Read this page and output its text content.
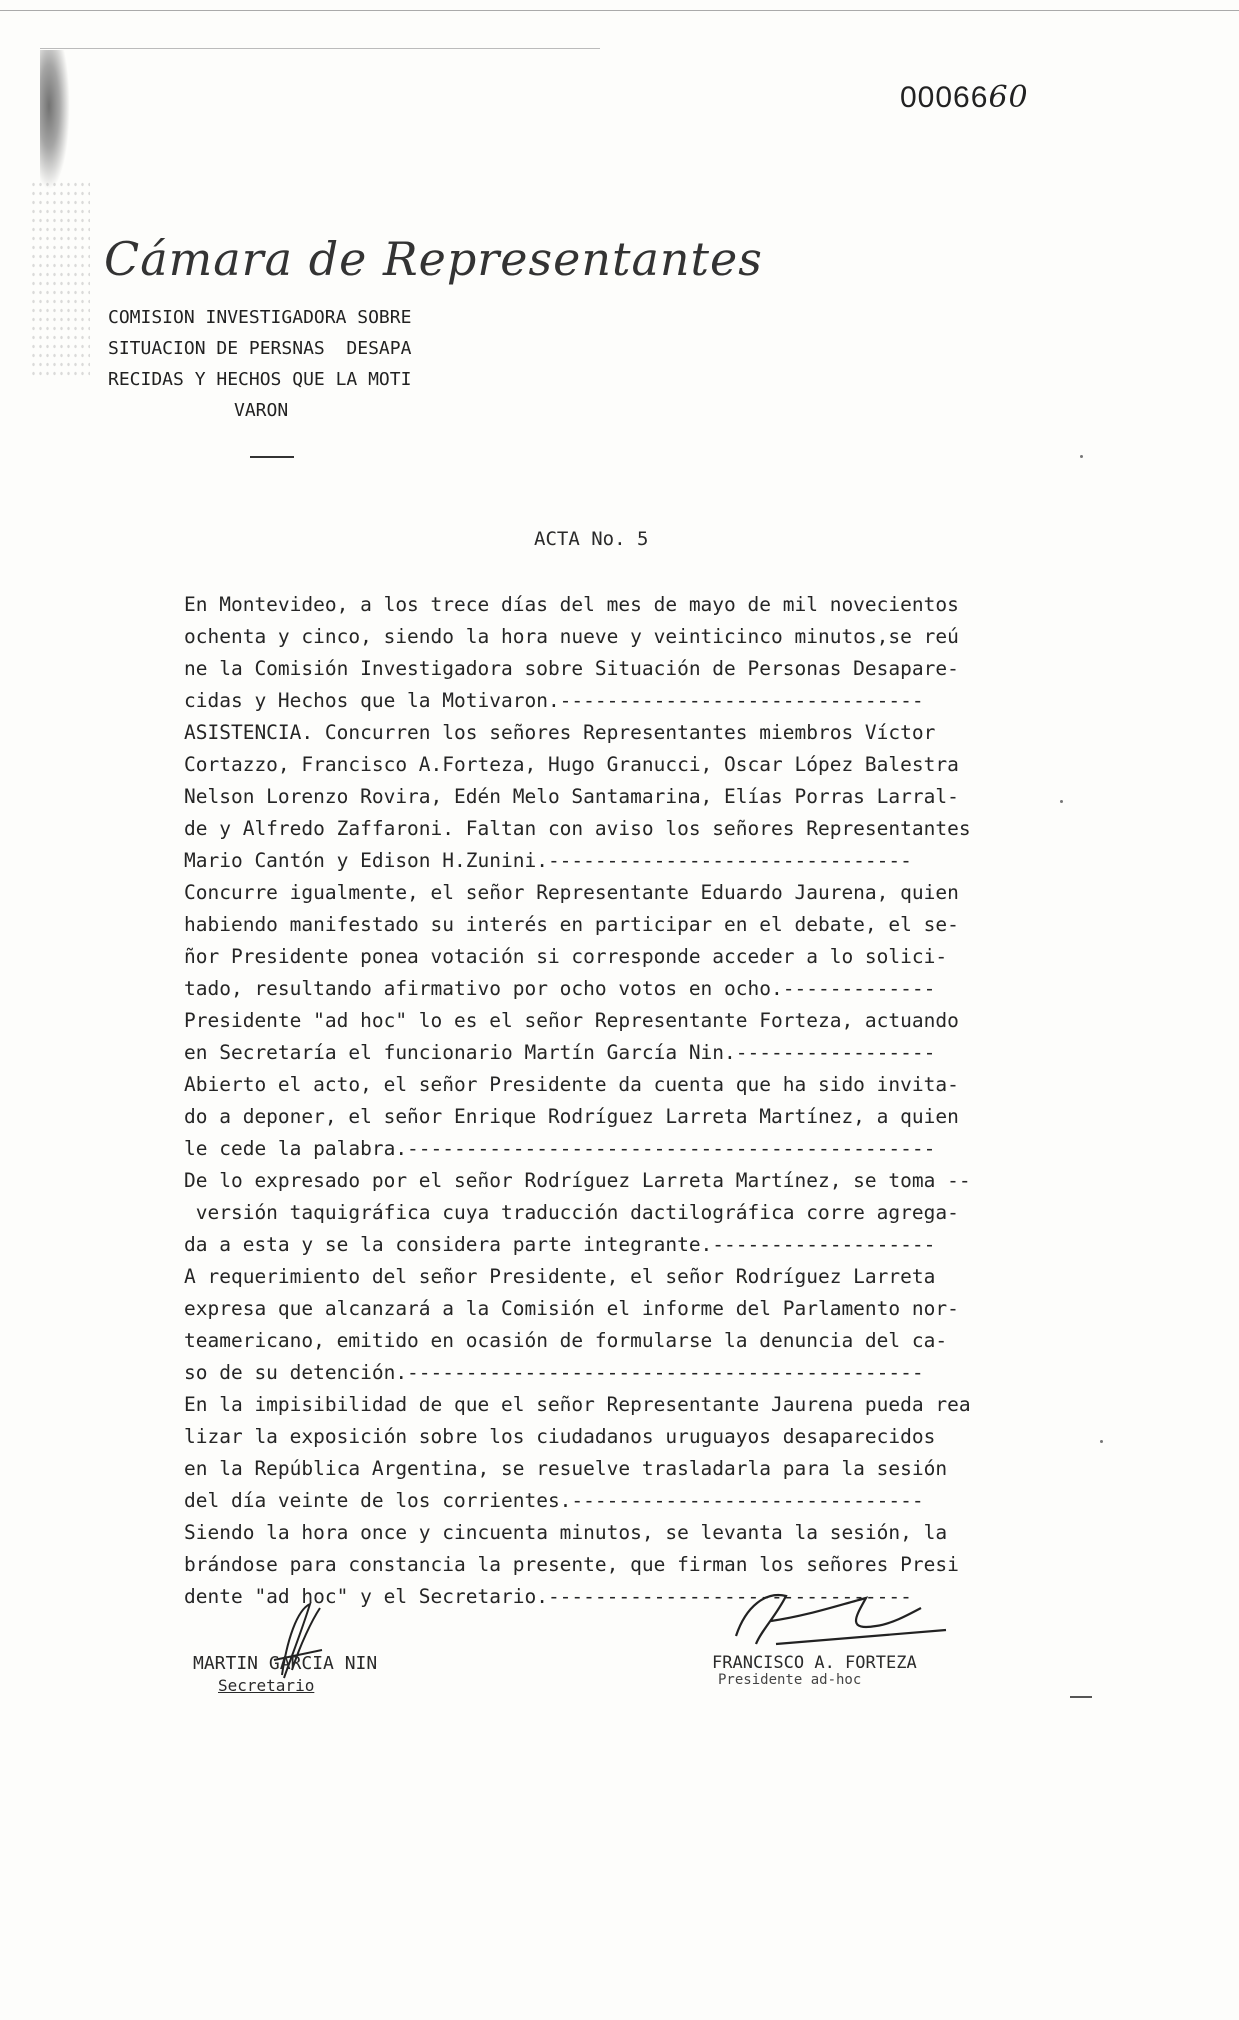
0006660
Cámara de Representantes
COMISION INVESTIGADORA SOBRE
SITUACION DE PERSNAS  DESAPA
RECIDAS Y HECHOS QUE LA MOTI
VARON
ACTA No. 5
En Montevideo, a los trece días del mes de mayo de mil novecientos
ochenta y cinco, siendo la hora nueve y veinticinco minutos,se reú
ne la Comisión Investigadora sobre Situación de Personas Desapare-
cidas y Hechos que la Motivaron.-------------------------------
ASISTENCIA. Concurren los señores Representantes miembros Víctor
Cortazzo, Francisco A.Forteza, Hugo Granucci, Oscar López Balestra
Nelson Lorenzo Rovira, Edén Melo Santamarina, Elías Porras Larral-
de y Alfredo Zaffaroni. Faltan con aviso los señores Representantes
Mario Cantón y Edison H.Zunini.-------------------------------
Concurre igualmente, el señor Representante Eduardo Jaurena, quien
habiendo manifestado su interés en participar en el debate, el se-
ñor Presidente ponea votación si corresponde acceder a lo solici-
tado, resultando afirmativo por ocho votos en ocho.-------------
Presidente "ad hoc" lo es el señor Representante Forteza, actuando
en Secretaría el funcionario Martín García Nin.-----------------
Abierto el acto, el señor Presidente da cuenta que ha sido invita-
do a deponer, el señor Enrique Rodríguez Larreta Martínez, a quien
le cede la palabra.---------------------------------------------
De lo expresado por el señor Rodríguez Larreta Martínez, se toma --
versión taquigráfica cuya traducción dactilográfica corre agrega-
da a esta y se la considera parte integrante.-------------------
A requerimiento del señor Presidente, el señor Rodríguez Larreta
expresa que alcanzará a la Comisión el informe del Parlamento nor-
teamericano, emitido en ocasión de formularse la denuncia del ca-
so de su detención.--------------------------------------------
En la impisibilidad de que el señor Representante Jaurena pueda rea
lizar la exposición sobre los ciudadanos uruguayos desaparecidos
en la República Argentina, se resuelve trasladarla para la sesión
del día veinte de los corrientes.------------------------------
Siendo la hora once y cincuenta minutos, se levanta la sesión, la
brándose para constancia la presente, que firman los señores Presi
dente "ad hoc" y el Secretario.-------------------------------
MARTIN GARCIA NIN
Secretario
FRANCISCO A. FORTEZA
Presidente ad-hoc
